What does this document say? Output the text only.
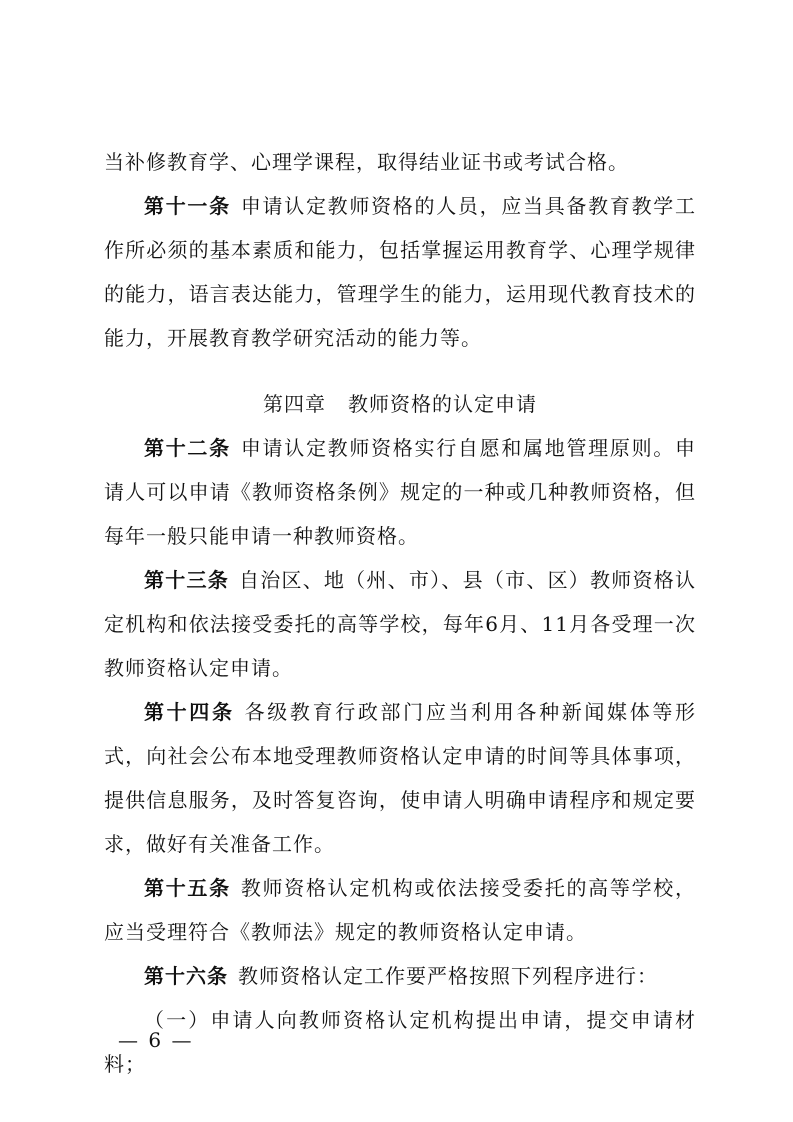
当补修教育学、心理学课程，取得结业证书或考试合格。

第十一条 申请认定教师资格的人员，应当具备教育教学工作所必须的基本素质和能力，包括掌握运用教育学、心理学规律的能力，语言表达能力，管理学生的能力，运用现代教育技术的能力，开展教育教学研究活动的能力等。

第四章 教师资格的认定申请

第十二条 申请认定教师资格实行自愿和属地管理原则。申请人可以申请《教师资格条例》规定的一种或几种教师资格，但每年一般只能申请一种教师资格。

第十三条 自治区、地（州、市）、县（市、区）教师资格认定机构和依法接受委托的高等学校，每年6月、11月各受理一次教师资格认定申请。

第十四条 各级教育行政部门应当利用各种新闻媒体等形式，向社会公布本地受理教师资格认定申请的时间等具体事项，提供信息服务，及时答复咨询，使申请人明确申请程序和规定要求，做好有关准备工作。

第十五条 教师资格认定机构或依法接受委托的高等学校，应当受理符合《教师法》规定的教师资格认定申请。

第十六条 教师资格认定工作要严格按照下列程序进行：

（一）申请人向教师资格认定机构提出申请，提交申请材料；

— 6 —
